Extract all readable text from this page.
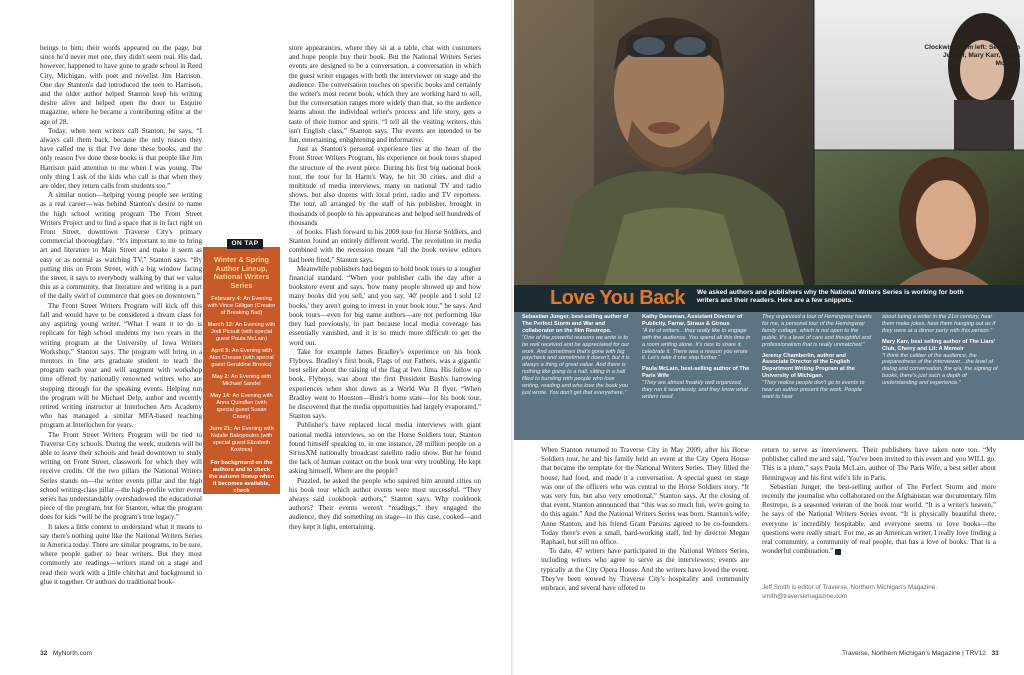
beings to him; their words appeared on the page, but since he'd never met one, they didn't seem real. His dad, however, happened to have gone to grade school in Reed City, Michigan, with poet and novelist Jim Harrison. One day Stanton's dad introduced the teen to Harrison, and the older author helped Stanton keep his writing desire alive and helped open the door to Esquire magazine, where he became a contributing editor at the age of 28.

Today, when teen writers call Stanton, he says, “I always call them back, because the only reason they have called me is that I've done these books, and the only reason I've done these books is that people like Jim Harrison paid attention to me when I was young. The only thing I ask of the kids who call is that when they are older, they return calls from students too.”

A similar notion—helping young people see writing as a real career—was behind Stanton's desire to name the high school writing program The Front Street Writers Project and to find a space that is in fact right on Front Street, downtown Traverse City's primary commercial thoroughfare. “It's important to me to bring art and literature to Main Street and make it seem as easy or as normal as watching TV,” Stanton says. “By putting this on Front Street, with a big window facing the street, it says to everybody walking by that we value this as a community, that literature and writing is a part of the daily swirl of commerce that goes on downtown.”

The Front Street Writers Program will kick off this fall and would have to be considered a dream class for any aspiring young writer. “What I want it to do is replicate for high school students my two years in the writing program at the University of Iowa Writers Workshop,” Stanton says. The program will bring in a mentors in fine arts graduate student to teach the program each year and will augment with workshop time offered by nationally renowned writers who are stopping through for the speaking events. Helping run the program will be Michael Delp, author and recently retired writing instructor at Interlochen Arts Academy who has managed a similar MFA-based teaching program at Interlochen for years.

The Front Street Writers Program will be tied to Traverse City schools. During the week, students will be able to leave their schools and head downtown to study writing on Front Street, classwork for which they will receive credits. Of the two pillars the National Writers Series stands on—the writer events pillar and the high school writing-class pillar—the high-profile writer event series has understandably overshadowed the educational piece of the program, but for Stanton, what the program does for kids “will be the program's true legacy.”

It takes a little context to understand what it means to say there's nothing quite like the National Writers Series in America today. There are similar programs, to be sure, where people gather to hear writers. But they most commonly are readings—writers stand on a stage and read their work with a little chitchat and background to glue it together. Or authors do traditional book-

store appearances, where they sit at a table, chat with customers and hope people buy their book. But the National Writers Series events are designed to be a conversation, a conversation in which the guest writer engages with both the interviewer on stage and the audience. The conversation touches on specific books and certainly the writer's most recent book, which they are working hard to sell, but the conversation ranges more widely than that, so the audience learns about the individual writer's process and life story, gets a taste of their humor and spirit. “I tell all the visiting writers, this isn't English class,” Stanton says. The events are intended to be fun, entertaining, enlightening and informative.

Just as Stanton's personal experience lies at the heart of the Front Street Writers Program, his experience on book tours shaped the structure of the event piece. During his first big national book tour, the tour for In Harm's Way, he hit 30 cities, and did a multitude of media interviews, many on national TV and radio shows, but also dozens with local print, radio and TV reporters. The tour, all arranged by the staff of his publisher, brought in thousands of people to his appearances and helped sell hundreds of thousands

of books. Flash forward to his 2009 tour for Horse Soldiers, and Stanton found an entirely different world. The revolution in media combined with the recession meant “all the book review editors had been fired,” Stanton says.

Meanwhile publishers had begun to hold book tours to a tougher financial standard. “When your publisher calls the day after a bookstore event and says, 'how many people showed up and how many books did you sell,' and you say, '40' people and I sold 12 books,' they aren't going to invest in your book tour,” he says. And book tours—even for big name authors—are not performing like they had previously, in part because local media coverage has essentially vanished, and it is so much more difficult to get the word out.

Take for example James Bradley's experience on his book Flyboys. Bradley's first book, Flags of our Fathers, was a gigantic best seller about the raising of the flag at Iwo Jima. His follow up book, Flyboys, was about the first President Bush's harrowing experiences when shot down as a World War II flyer. “When Bradley went to Houston—Bush's home state—for his book tour, he discovered that the media opportunities had largely evaporated,” Stanton says.

Publisher's have replaced local media interviews with giant national media interviews, so on the Horse Soldiers tour, Stanton found himself speaking to, in one instance, 28 million people on a SiriusXM nationally broadcast satellite radio show. But he found the lack of human contact on the book tour very troubling. He kept asking himself, Where are the people?

Puzzled, he asked the people who squired him around cities on his book tour which author events were most successful. “They always said cookbook authors,” Stanton says. Why cookbook authors? Their events weren't “readings,” they engaged the audience, they did something on stage—in this case, cooked—and they kept it light, entertaining.

ON TAP
Winter & Spring Author Lineup, National Writers Series
February 4: An Evening with Vince Gilligan (Creator of Breaking Bad)
March 12: An Evening with Jodi Picoult (with special guest Paula McLain)
April 5: An Evening with Alan Cheuse (with special guest Geraldine Brooks)
May 2: An Evening with Michael Sandel
May 14: An Evening with Anna Quindlen (with special guest Susan Casey)
June 21: An Evening with Natalie Bakopoulos (with special guest Elizabeth Kostova)
For background on the authors and to check the autumn lineup when it becomes available, check nationalwritersseries.org.
Clockwise from left: Sebastian Junger, Mary Karr, Paula McLain.
Love You Back We asked authors and publishers why the National Writers Series is working for both writers and their readers. Here are a few snippets.
Sebastian Junger, best-selling author of The Perfect Storm and War and collaborator on the film Restrepo.
“One of the powerful reasons we write is to be well received and be appreciated for our work. And sometimes that's gone with big paycheck and sometimes it doesn't, but it is always a thing of great value. And there is nothing like going to a hall, sitting in a hall filled to bursting with people who love writing, reading and who love the book you just wrote. You don't get that everywhere.”
Kathy Daneman, Assistant Director of Publicity, Farrar, Straus & Giroux
“A lot of writers…they really like to engage with the audience. You spend all this time in a room writing alone. It's nice to share it, celebrate it. There was a reason you wrote it. Let's take it one step further.”
Paula McLain, best-selling author of The Paris Wife
“They are almost freakily well organized, they run it seamlessly, and they know what writers need.
They organized a tour of Hemingway haunts for me, a personal tour of the Hemingway family cottage, which is not open to the public. It's a level of care and thoughtful and professionalism that is really unmatched.”
Jeremy Chamberlin, author and Associate Director of the English Department Writing Program at the University of Michigan.
“They realize people don't go to events to hear an author present the work. People want to hear
about being a writer in the 21st century, hear them make jokes, hear them hanging out as if they were at a dinner party with this person.”
Mary Karr, best selling author of The Liars' Club, Cherry and Lit: A Memoir
“I think the caliber of the audience, the preparedness of the interviewer…the level of dialog and conversation, the q/a, the signing of books, there's just such a depth of understanding and experience.”

When Stanton returned to Traverse City in May 2009, after his Horse Soldiers tour, he and his family held an event at the City Opera House that became the template for the National Writers Series. They filled the house, had food, and made it a conversation. A special guest on stage was one of the officers who was central to the Horse Soldiers story. “It was very fun, but also very emotional,” Stanton says. At the closing of that event, Stanton announced that “this was so much fun, we're going to do this again.” And the National Writers Series was born. Stanton's wife, Anne Stanton, and his friend Grant Parsons agreed to be co-founders. Today there's even a small, hard-working staff, led by director Megan Raphael, but still no office.

To date, 47 writers have participated in the National Writers Series, including writers who agree to serve as the interviewers; events are typically at the City Opera House. And the writers have loved the event. They've been wowed by Traverse City's hospitality and community embrace, and several have offered to

return to serve as interviewers. Their publishers have taken note too. “My publisher called me and said, 'You've been invited to this event and you WILL go. This is a plum,” says Paula McLain, author of The Paris Wife, a best seller about Hemingway and his first wife's life in Paris.

Sebastian Junger, the best-selling author of The Perfect Storm and more recently the journalist who collaborated on the Afghanistan war documentary film Restrepo, is a seasoned veteran of the book tour world. “It is a writer's heaven,” he says of the National Writers Series event. “It is physically beautiful there, everyone is incredibly hospitable, and everyone seems to love books—the questions were really smart. For me, as an American writer, I really love finding a real community, a community of real people, that has a love of books. That is a wonderful combination.”

Jeff Smith is editor of Traverse, Northern Michigan's Magazine.
smith@traversemagazine.com
32 MyNorth.com	Traverse, Northern Michigan's Magazine | TRV12 33
